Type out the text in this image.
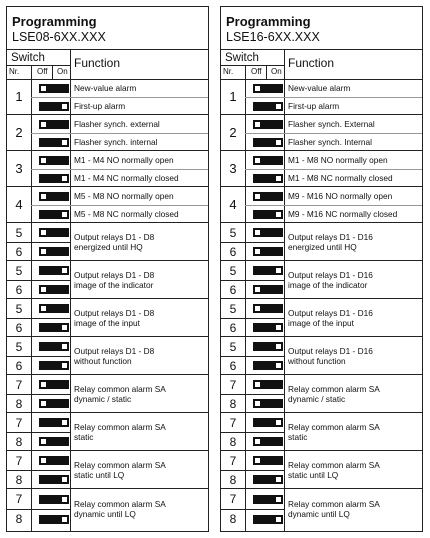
Programming
LSE08-6XX.XXX
Switch
Nr. Off On
Function
1
New-value alarm
First-up alarm
2
Flasher synch. external
Flasher synch. internal
3
M1 - M4 NO normally open
M1 - M4 NC normally closed
4
M5 - M8 NO normally open
M5 - M8 NC normally closed
5
6
Output relays D1 - D8
energized until HQ
5
6
Output relays D1 - D8
image of the indicator
5
6
Output relays D1 - D8
image of the input
5
6
Output relays D1 - D8
without function
7
8
Relay common alarm SA
dynamic / static
7
8
Relay common alarm SA
static
7
8
Relay common alarm SA
static until LQ
7
8
Relay common alarm SA
dynamic until LQ
Programming
LSE16-6XX.XXX
Switch
Nr. Off On
Function
1
New-value alarm
First-up alarm
2
Flasher synch. External
Flasher synch. Internal
3
M1 - M8 NO normally open
M1 - M8 NC normally closed
4
M9 - M16 NO normally open
M9 - M16 NC normally closed
5
6
Output relays D1 - D16
energized until HQ
5
6
Output relays D1 - D16
image of the indicator
5
6
Output relays D1 - D16
image of the input
5
6
Output relays D1 - D16
without function
7
8
Relay common alarm SA
dynamic / static
7
8
Relay common alarm SA
static
7
8
Relay common alarm SA
static until LQ
7
8
Relay common alarm SA
dynamic until LQ
